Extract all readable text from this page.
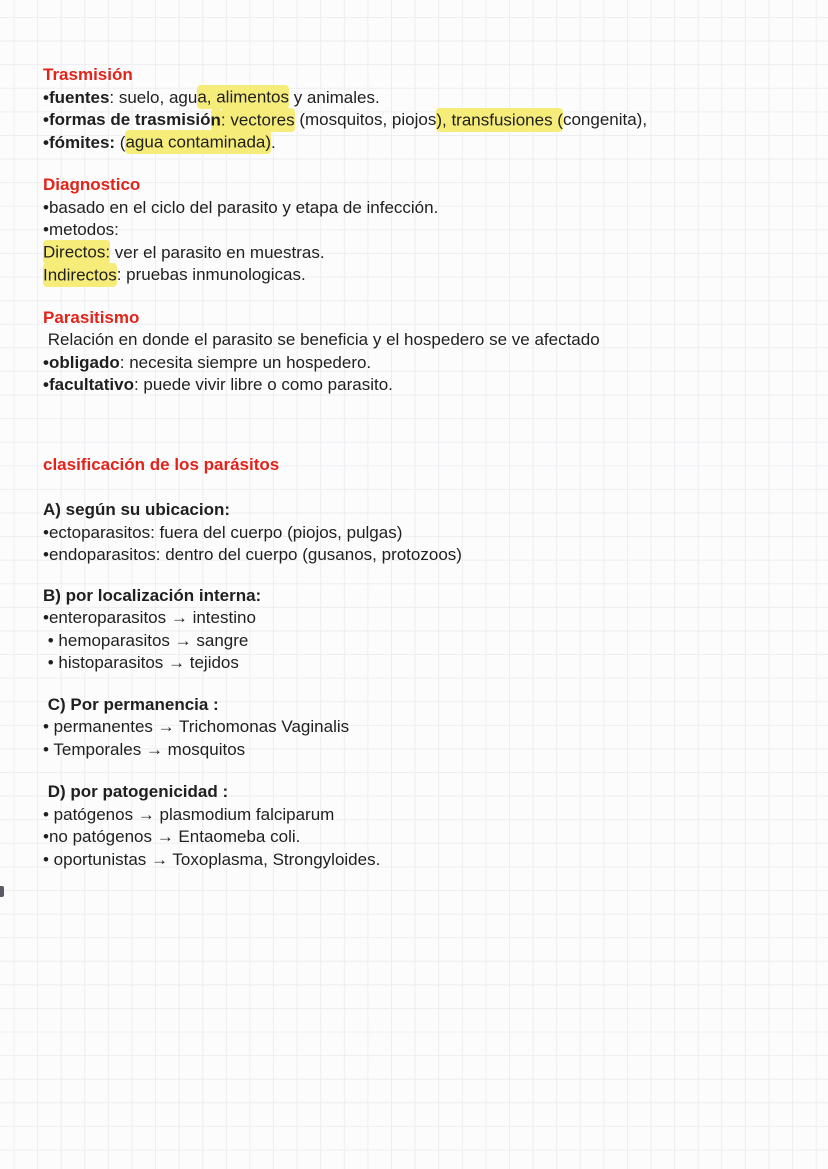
Trasmisión
•fuentes: suelo, agua, alimentos y animales.
•formas de trasmisión: vectores (mosquitos, piojos), transfusiones (congenita),
•fómites: (agua contaminada).
Diagnostico
•basado en el ciclo del parasito y etapa de infección.
•metodos:
Directos: ver el parasito en muestras.
Indirectos: pruebas inmunologicas.
Parasitismo
Relación en donde el parasito se beneficia y el hospedero se ve afectado
•obligado: necesita siempre un hospedero.
•facultativo: puede vivir libre o como parasito.
clasificación de los parásitos
A) según su ubicacion:
•ectoparasitos: fuera del cuerpo (piojos, pulgas)
•endoparasitos: dentro del cuerpo (gusanos, protozoos)
B) por localización interna:
•enteroparasitos → intestino
• hemoparasitos → sangre
• histoparasitos → tejidos
C) Por permanencia :
• permanentes → Trichomonas Vaginalis
• Temporales → mosquitos
D) por patogenicidad :
• patógenos → plasmodium falciparum
•no patógenos → Entaomeba coli.
• oportunistas → Toxoplasma, Strongyloides.
